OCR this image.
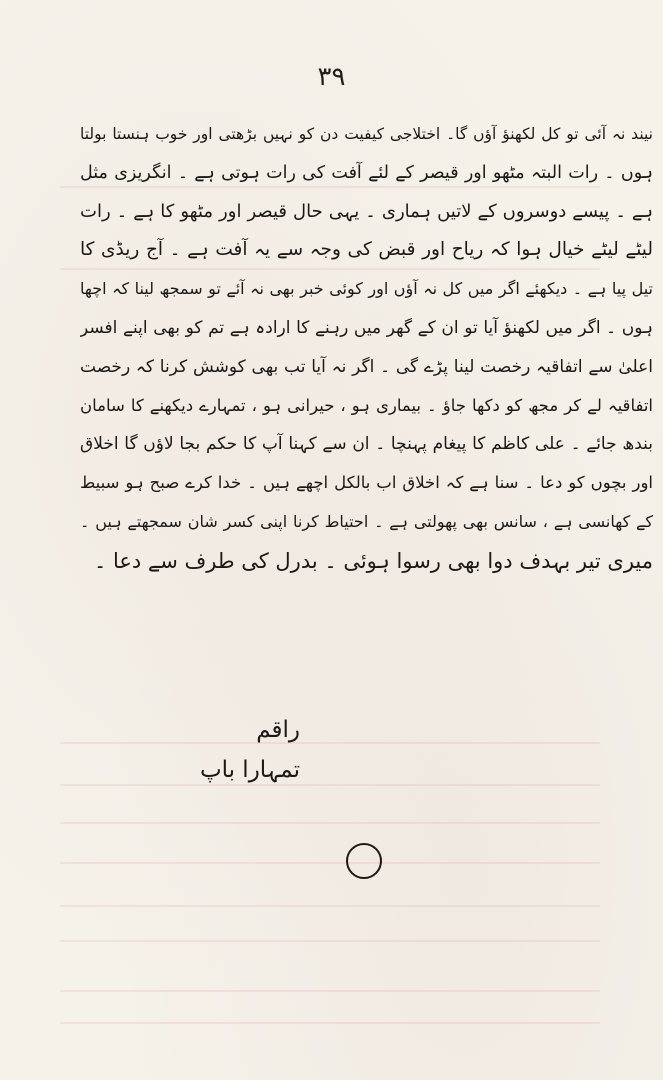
۳۹
نیند نہ آئی تو کل لکھنؤ آؤں گا۔ اختلاجی کیفیت دن کو نہیں بڑھتی اور خوب ہنستا بولتا
ہوں ۔ رات البتہ مٹھو اور قیصر کے لئے آفت کی رات ہوتی ہے ۔ انگریزی مثل
ہے ۔ پیسے دوسروں کے لاتیں ہماری ۔ یہی حال قیصر اور مٹھو کا ہے ۔ رات
لیٹے لیٹے خیال ہوا کہ ریاح اور قبض کی وجہ سے یہ آفت ہے ۔ آج ریڈی کا
تیل پیا ہے ۔ دیکھئے اگر میں کل نہ آؤں اور کوئی خبر بھی نہ آئے تو سمجھ لینا کہ اچھا
ہوں ۔ اگر میں لکھنؤ آیا تو ان کے گھر میں رہنے کا ارادہ ہے تم کو بھی اپنے افسر
اعلیٰ سے اتفاقیہ رخصت لینا پڑے گی ۔ اگر نہ آیا تب بھی کوشش کرنا کہ رخصت
اتفاقیہ لے کر مجھ کو دکھا جاؤ ۔ بیماری ہو ، حیرانی ہو ، تمہارے دیکھنے کا سامان
بندھ جائے ۔ علی کاظم کا پیغام پہنچا ۔ ان سے کہنا آپ کا حکم بجا لاؤں گا اخلاق
اور بچوں کو دعا ۔ سنا ہے کہ اخلاق اب بالکل اچھے ہیں ۔ خدا کرے صبح ہو سبیط
کے کھانسی ہے ، سانس بھی پھولتی ہے ۔ احتیاط کرنا اپنی کسر شان سمجھتے ہیں ۔
میری تیر بہدف دوا بھی رسوا ہوئی ۔ بدرل کی طرف سے دعا ۔
راقم
تمہارا باپ
